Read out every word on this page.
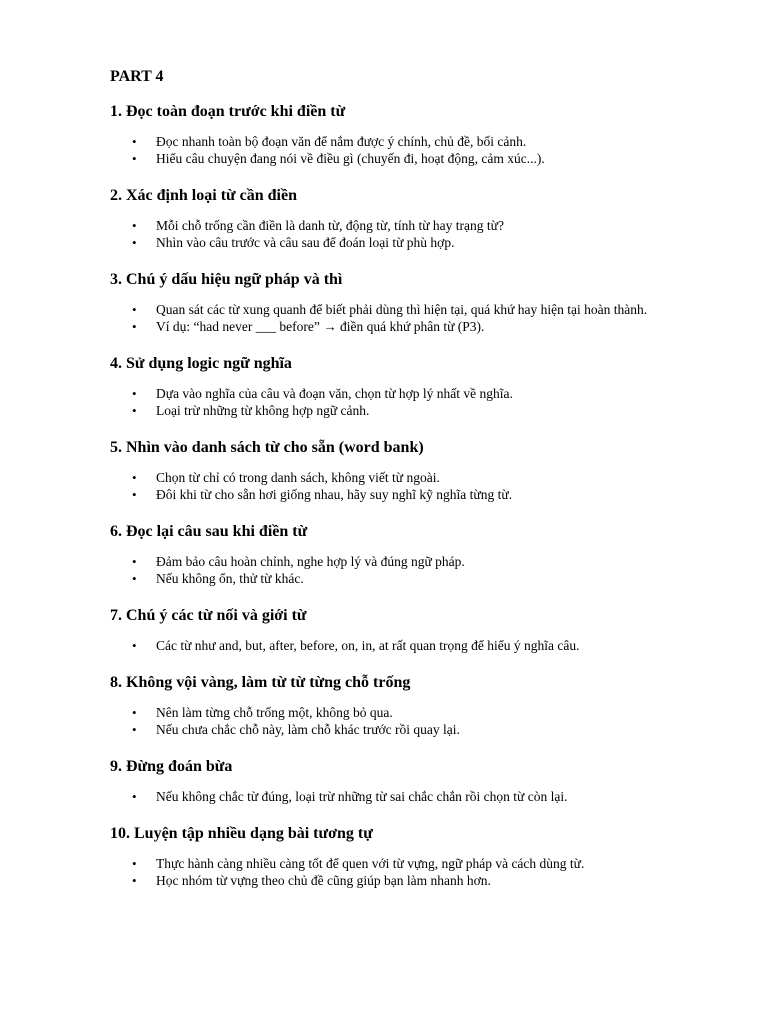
PART 4
1. Đọc toàn đoạn trước khi điền từ
• Đọc nhanh toàn bộ đoạn văn để nắm được ý chính, chủ đề, bối cảnh.
• Hiểu câu chuyện đang nói về điều gì (chuyến đi, hoạt động, cảm xúc...).
2. Xác định loại từ cần điền
• Mỗi chỗ trống cần điền là danh từ, động từ, tính từ hay trạng từ?
• Nhìn vào câu trước và câu sau để đoán loại từ phù hợp.
3. Chú ý dấu hiệu ngữ pháp và thì
• Quan sát các từ xung quanh để biết phải dùng thì hiện tại, quá khứ hay hiện tại hoàn thành.
• Ví dụ: “had never ___ before” → điền quá khứ phân từ (P3).
4. Sử dụng logic ngữ nghĩa
• Dựa vào nghĩa của câu và đoạn văn, chọn từ hợp lý nhất về nghĩa.
• Loại trừ những từ không hợp ngữ cảnh.
5. Nhìn vào danh sách từ cho sẵn (word bank)
• Chọn từ chỉ có trong danh sách, không viết từ ngoài.
• Đôi khi từ cho sẵn hơi giống nhau, hãy suy nghĩ kỹ nghĩa từng từ.
6. Đọc lại câu sau khi điền từ
• Đảm bảo câu hoàn chỉnh, nghe hợp lý và đúng ngữ pháp.
• Nếu không ổn, thử từ khác.
7. Chú ý các từ nối và giới từ
• Các từ như and, but, after, before, on, in, at rất quan trọng để hiểu ý nghĩa câu.
8. Không vội vàng, làm từ từ từng chỗ trống
• Nên làm từng chỗ trống một, không bỏ qua.
• Nếu chưa chắc chỗ này, làm chỗ khác trước rồi quay lại.
9. Đừng đoán bừa
• Nếu không chắc từ đúng, loại trừ những từ sai chắc chắn rồi chọn từ còn lại.
10. Luyện tập nhiều dạng bài tương tự
• Thực hành càng nhiều càng tốt để quen với từ vựng, ngữ pháp và cách dùng từ.
• Học nhóm từ vựng theo chủ đề cũng giúp bạn làm nhanh hơn.
